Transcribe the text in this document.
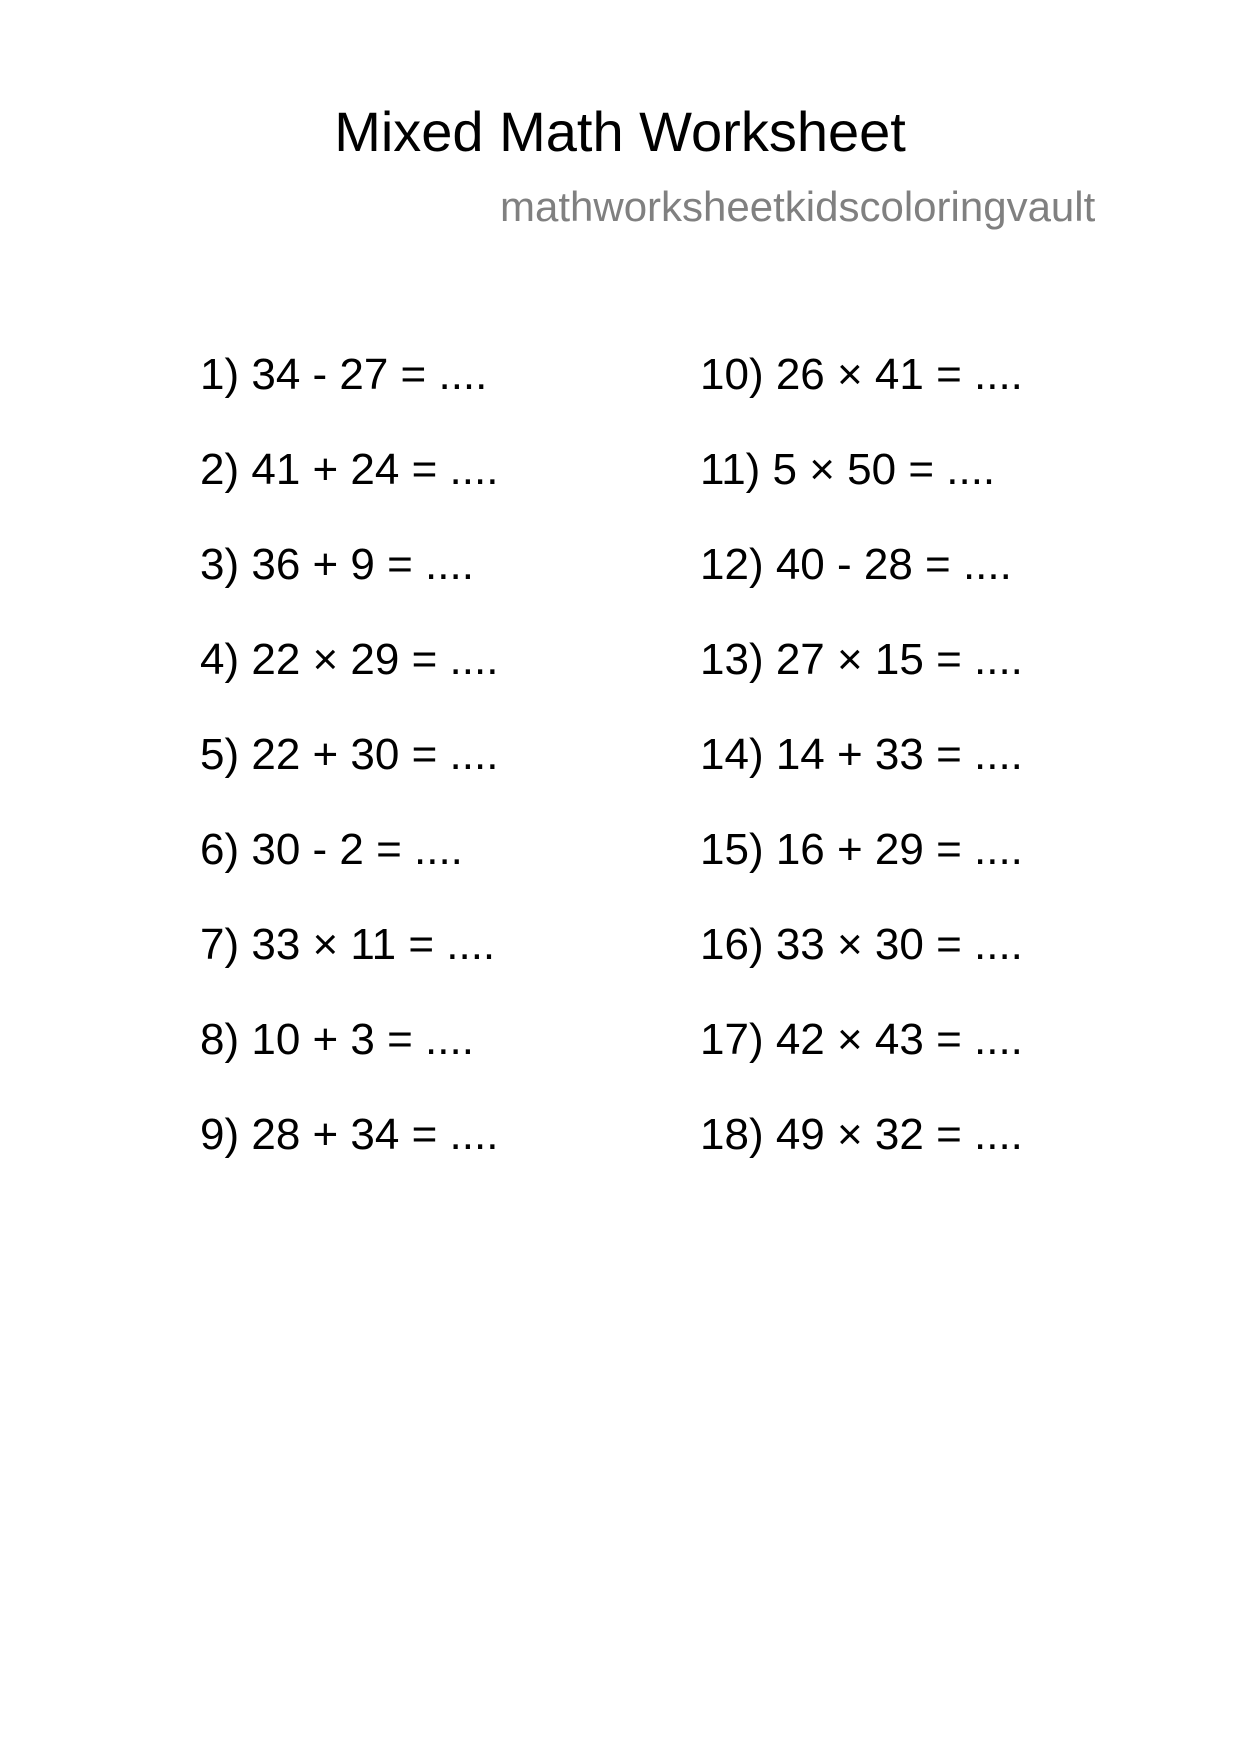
Mixed Math Worksheet
mathworksheetkidscoloringvault
1) 34 - 27 = ....
2) 41 + 24 = ....
3) 36 + 9 = ....
4) 22 × 29 = ....
5) 22 + 30 = ....
6) 30 - 2 = ....
7) 33 × 11 = ....
8) 10 + 3 = ....
9) 28 + 34 = ....
10) 26 × 41 = ....
11) 5 × 50 = ....
12) 40 - 28 = ....
13) 27 × 15 = ....
14) 14 + 33 = ....
15) 16 + 29 = ....
16) 33 × 30 = ....
17) 42 × 43 = ....
18) 49 × 32 = ....
